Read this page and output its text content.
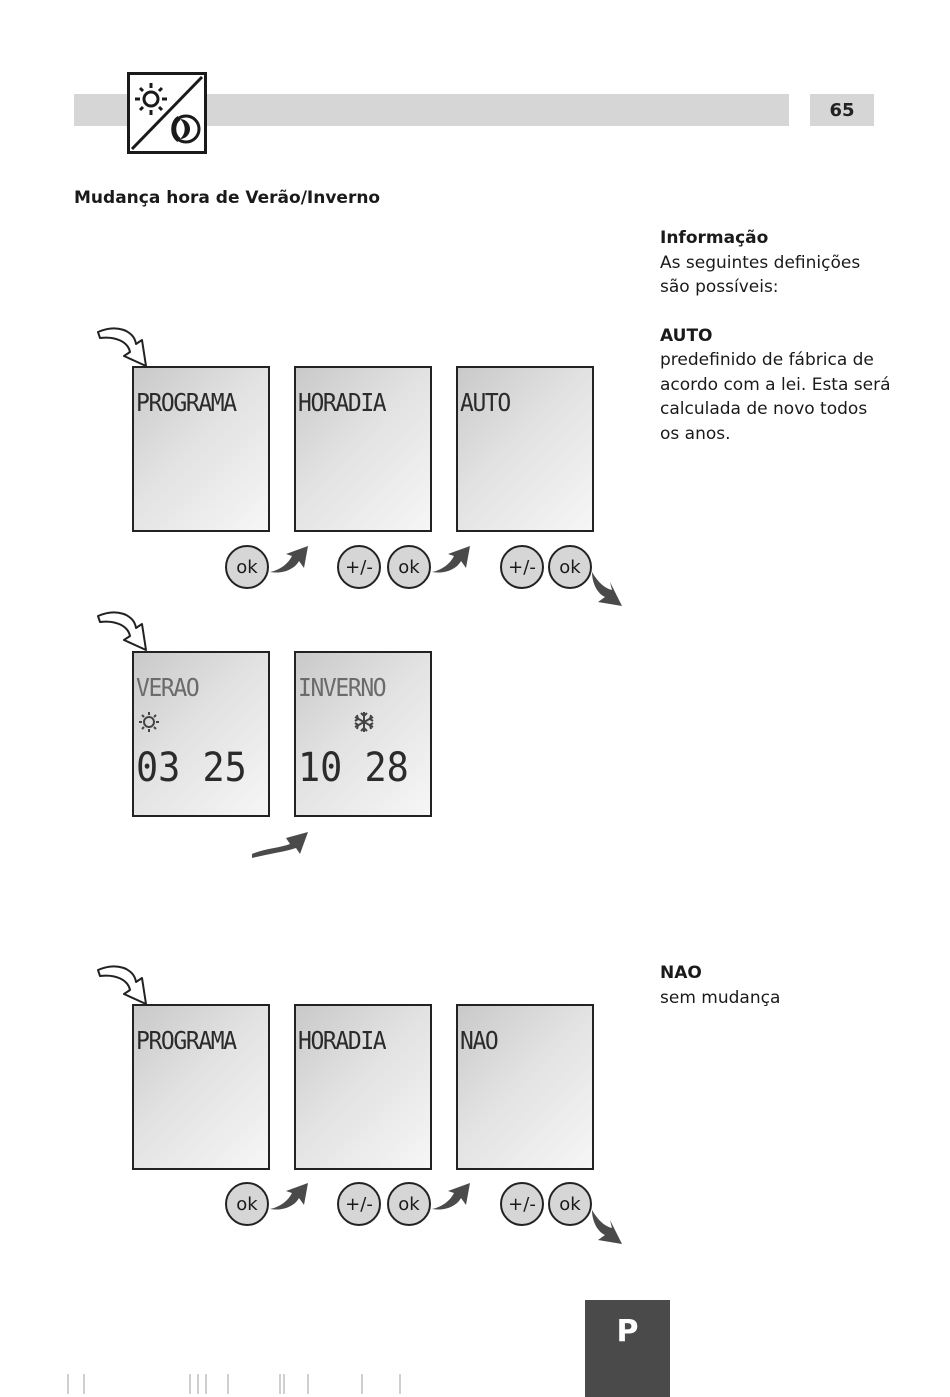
65
Mudança hora de Verão/Inverno
Informação
As seguintes definições
são possíveis:
AUTO
predefinido de fábrica de
acordo com a lei. Esta será
calculada de novo todos
os anos.
NAO
sem mudança
PROGRAMA HORADIA	AUTO
ok	+/-	ok	+/-	ok
VERAO
03 25
INVERNO
10 28
PROGRAMA HORADIA	NAO
ok	+/-	ok	+/-	ok
P
